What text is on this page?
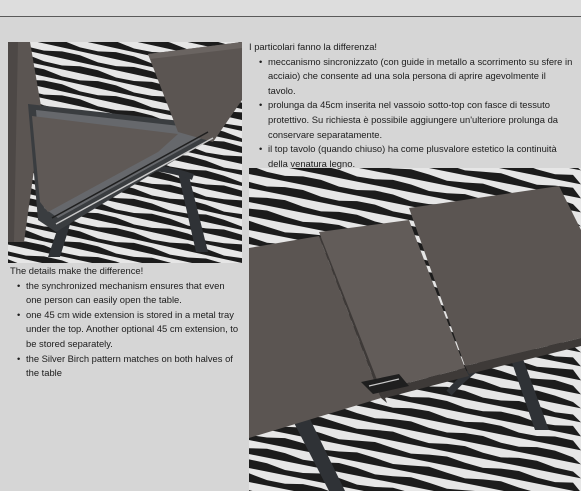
I particolari fanno la differenza!

• meccanismo sincronizzato (con guide in metallo a scorrimento su sfere in acciaio) che consente ad una sola persona di aprire agevolmente il tavolo.
• prolunga da 45cm inserita nel vassoio sotto-top con fasce di tessuto protettivo. Su richiesta è possibile aggiungere un'ulteriore prolunga da conservare separatamente.
• il top tavolo (quando chiuso) ha come plusvalore estetico la continuità della venatura legno.

The details make the difference!

• the synchronized mechanism ensures that even one person can easily open the table.
• one 45 cm wide extension is stored in a metal tray under the top. Another optional 45 cm extension, to be stored separately.
• the Silver Birch pattern matches on both halves of the table
